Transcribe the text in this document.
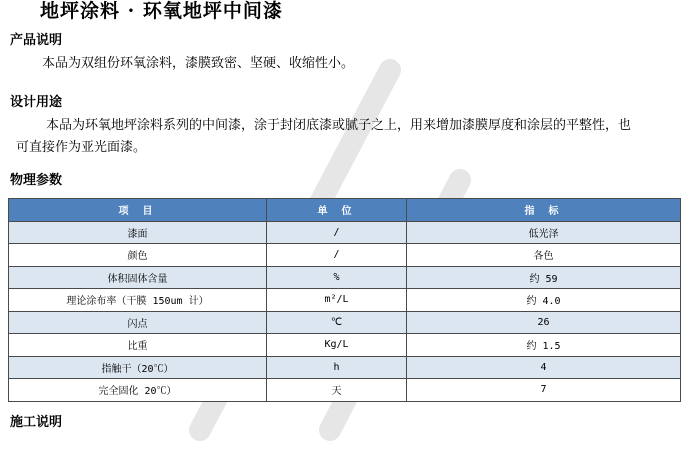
地坪涂料 · 环氧地坪中间漆
产品说明
本品为双组份环氧涂料，漆膜致密、坚硬、收缩性小。
设计用途
本品为环氧地坪涂料系列的中间漆，涂于封闭底漆或腻子之上，用来增加漆膜厚度和涂层的平整性，也
可直接作为亚光面漆。
物理参数
项 目	单 位	指 标
漆面	/	低光泽
颜色	/	各色
体积固体含量	%	约 59
理论涂布率（干膜 150um 计）	m²/L	约 4.0
闪点	℃	26
比重	Kg/L	约 1.5
指触干（20℃）	h	4
完全固化 20℃）	天	7
施工说明
